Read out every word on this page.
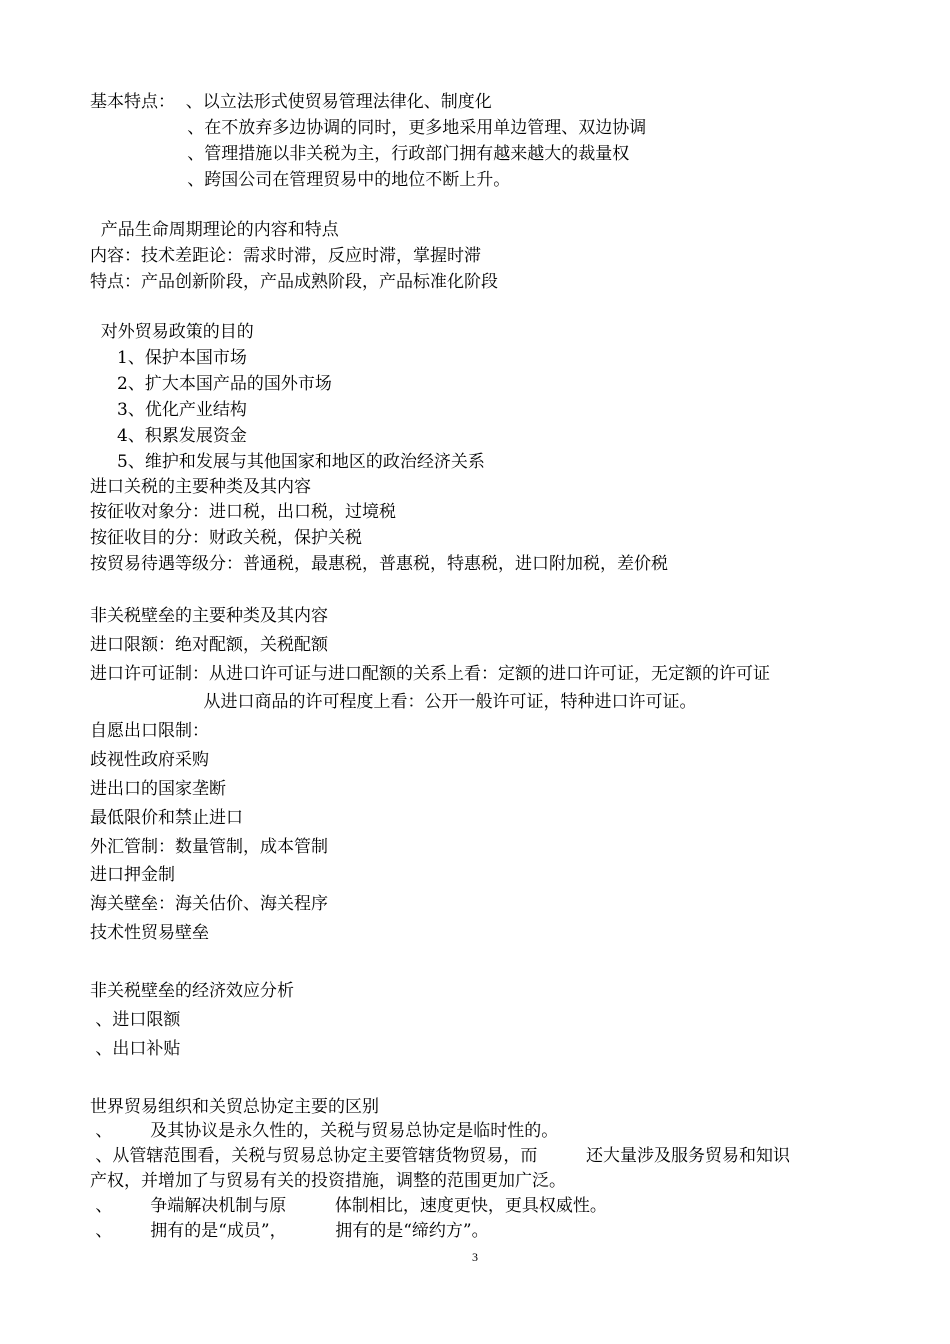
基本特点：  、以立法形式使贸易管理法律化、制度化
、在不放弃多边协调的同时，更多地采用单边管理、双边协调
、管理措施以非关税为主，行政部门拥有越来越大的裁量权
、跨国公司在管理贸易中的地位不断上升。
产品生命周期理论的内容和特点
内容：技术差距论：需求时滞，反应时滞，掌握时滞
特点：产品创新阶段，产品成熟阶段，产品标准化阶段
对外贸易政策的目的
1、保护本国市场
2、扩大本国产品的国外市场
3、优化产业结构
4、积累发展资金
5、维护和发展与其他国家和地区的政治经济关系
进口关税的主要种类及其内容
按征收对象分：进口税，出口税，过境税
按征收目的分：财政关税，保护关税
按贸易待遇等级分：普通税，最惠税，普惠税，特惠税，进口附加税，差价税
非关税壁垒的主要种类及其内容
进口限额：绝对配额，关税配额
进口许可证制：从进口许可证与进口配额的关系上看：定额的进口许可证，无定额的许可证
从进口商品的许可程度上看：公开一般许可证，特种进口许可证。
自愿出口限制：
歧视性政府采购
进出口的国家垄断
最低限价和禁止进口
外汇管制：数量管制，成本管制
进口押金制
海关壁垒：海关估价、海关程序
技术性贸易壁垒
非关税壁垒的经济效应分析
、进口限额
、出口补贴
世界贸易组织和关贸总协定主要的区别
、       及其协议是永久性的，关税与贸易总协定是临时性的。
、从管辖范围看，关税与贸易总协定主要管辖货物贸易，而         还大量涉及服务贸易和知识
产权，并增加了与贸易有关的投资措施，调整的范围更加广泛。
、       争端解决机制与原         体制相比，速度更快，更具权威性。
、       拥有的是“成员”，         拥有的是“缔约方”。
3
